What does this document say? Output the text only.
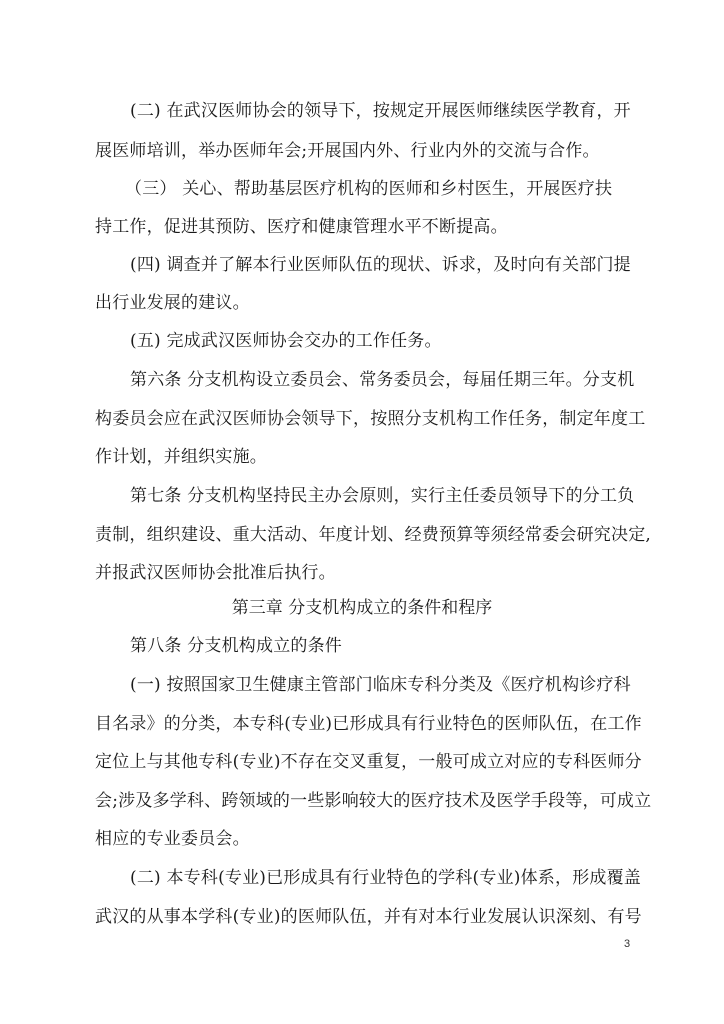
(二) 在武汉医师协会的领导下，按规定开展医师继续医学教育，开
展医师培训，举办医师年会;开展国内外、行业内外的交流与合作。
（三） 关心、帮助基层医疗机构的医师和乡村医生，开展医疗扶
持工作，促进其预防、医疗和健康管理水平不断提高。
(四) 调查并了解本行业医师队伍的现状、诉求，及时向有关部门提
出行业发展的建议。
(五) 完成武汉医师协会交办的工作任务。
第六条 分支机构设立委员会、常务委员会，每届任期三年。分支机
构委员会应在武汉医师协会领导下，按照分支机构工作任务，制定年度工
作计划，并组织实施。
第七条 分支机构坚持民主办会原则，实行主任委员领导下的分工负
责制，组织建设、重大活动、年度计划、经费预算等须经常委会研究决定,
并报武汉医师协会批准后执行。
第三章 分支机构成立的条件和程序
第八条 分支机构成立的条件
(一) 按照国家卫生健康主管部门临床专科分类及《医疗机构诊疗科
目名录》的分类，本专科(专业)已形成具有行业特色的医师队伍，在工作
定位上与其他专科(专业)不存在交叉重复，一般可成立对应的专科医师分
会;涉及多学科、跨领域的一些影响较大的医疗技术及医学手段等，可成立
相应的专业委员会。
(二) 本专科(专业)已形成具有行业特色的学科(专业)体系，形成覆盖
武汉的从事本学科(专业)的医师队伍，并有对本行业发展认识深刻、有号
3
